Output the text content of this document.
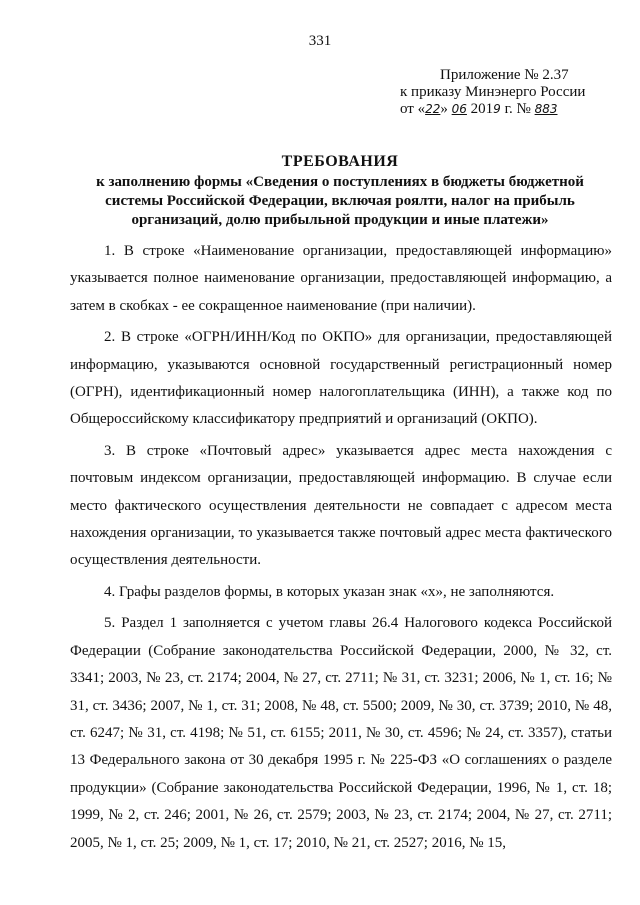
331
Приложение № 2.37
к приказу Минэнерго России
от «22» 06 2019 г. № 883
ТРЕБОВАНИЯ
к заполнению формы «Сведения о поступлениях в бюджеты бюджетной
системы Российской Федерации, включая роялти, налог на прибыль
организаций, долю прибыльной продукции и иные платежи»

1. В строке «Наименование организации, предоставляющей информацию» указывается полное наименование организации, предоставляющей информацию, а затем в скобках - ее сокращенное наименование (при наличии).

2. В строке «ОГРН/ИНН/Код по ОКПО» для организации, предоставляющей информацию, указываются основной государственный регистрационный номер (ОГРН), идентификационный номер налогоплательщика (ИНН), а также код по Общероссийскому классификатору предприятий и организаций (ОКПО).

3. В строке «Почтовый адрес» указывается адрес места нахождения с почтовым индексом организации, предоставляющей информацию. В случае если место фактического осуществления деятельности не совпадает с адресом места нахождения организации, то указывается также почтовый адрес места фактического осуществления деятельности.

4. Графы разделов формы, в которых указан знак «х», не заполняются.

5. Раздел 1 заполняется с учетом главы 26.4 Налогового кодекса Российской Федерации (Собрание законодательства Российской Федерации, 2000, № 32, ст. 3341; 2003, № 23, ст. 2174; 2004, № 27, ст. 2711; № 31, ст. 3231; 2006, № 1, ст. 16; № 31, ст. 3436; 2007, № 1, ст. 31; 2008, № 48, ст. 5500; 2009, № 30, ст. 3739; 2010, № 48, ст. 6247; № 31, ст. 4198; № 51, ст. 6155; 2011, № 30, ст. 4596; № 24, ст. 3357), статьи 13 Федерального закона от 30 декабря 1995 г. № 225-ФЗ «О соглашениях о разделе продукции» (Собрание законодательства Российской Федерации, 1996, № 1, ст. 18; 1999, № 2, ст. 246; 2001, № 26, ст. 2579; 2003, № 23, ст. 2174; 2004, № 27, ст. 2711; 2005, № 1, ст. 25; 2009, № 1, ст. 17; 2010, № 21, ст. 2527; 2016, № 15,
